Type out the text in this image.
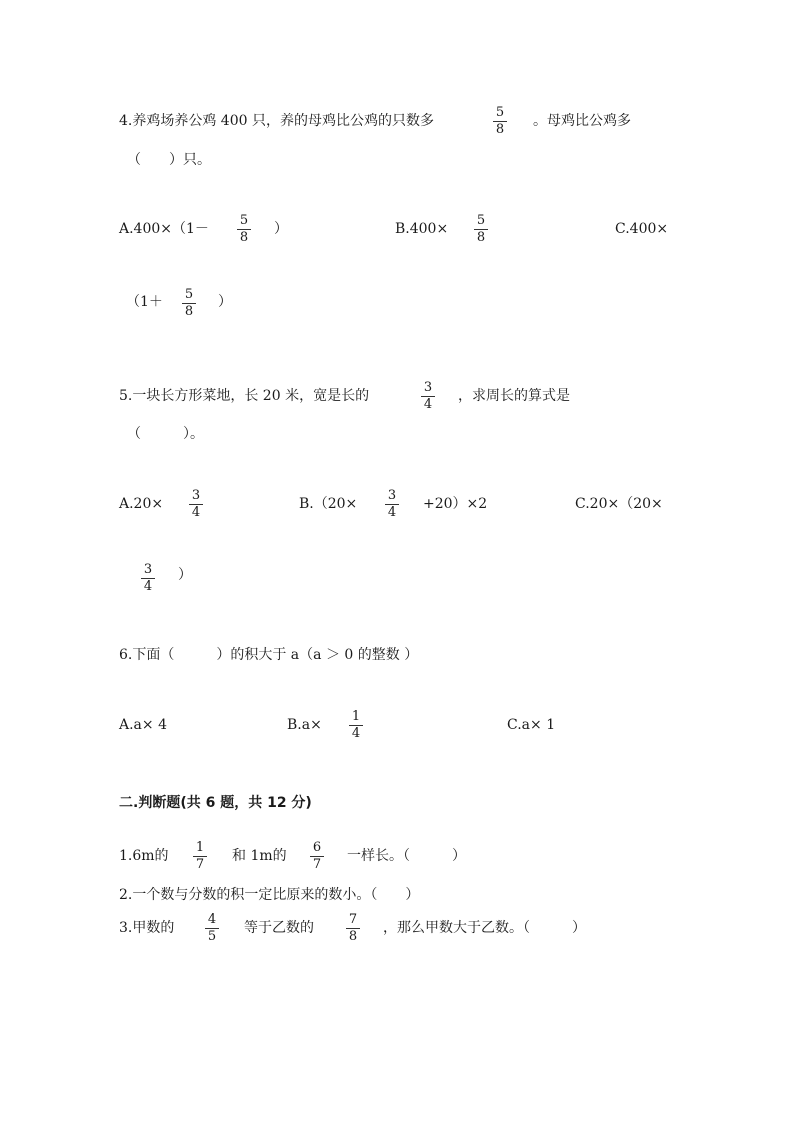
4.养鸡场养公鸡 400 只，养的母鸡比公鸡的只数多
5
8
。母鸡比公鸡多
（　　）只。
A.400×（1－
5
8
）	B.400×
5
8
C.400×
（1＋ 5
8
）
5.一块长方形菜地，长 20 米，宽是长的
3
4
，求周长的算式是
（　　　）。
A.20×
3
4
B.（20×
3
4
+20）×2	C.20×（20×
3
4
）
6.下面（　　　）的积大于 a（a ＞ 0 的整数 ）
A.a× 4	B.a×
1
4
C.a× 1
二.判断题(共 6 题，共 12 分)
1.6m的
1
7
和 1m的
6
7
一样长。（　　　）
2.一个数与分数的积一定比原来的数小。（　　）
3.甲数的
4
5
等于乙数的
7
8
，那么甲数大于乙数。（　　　）
